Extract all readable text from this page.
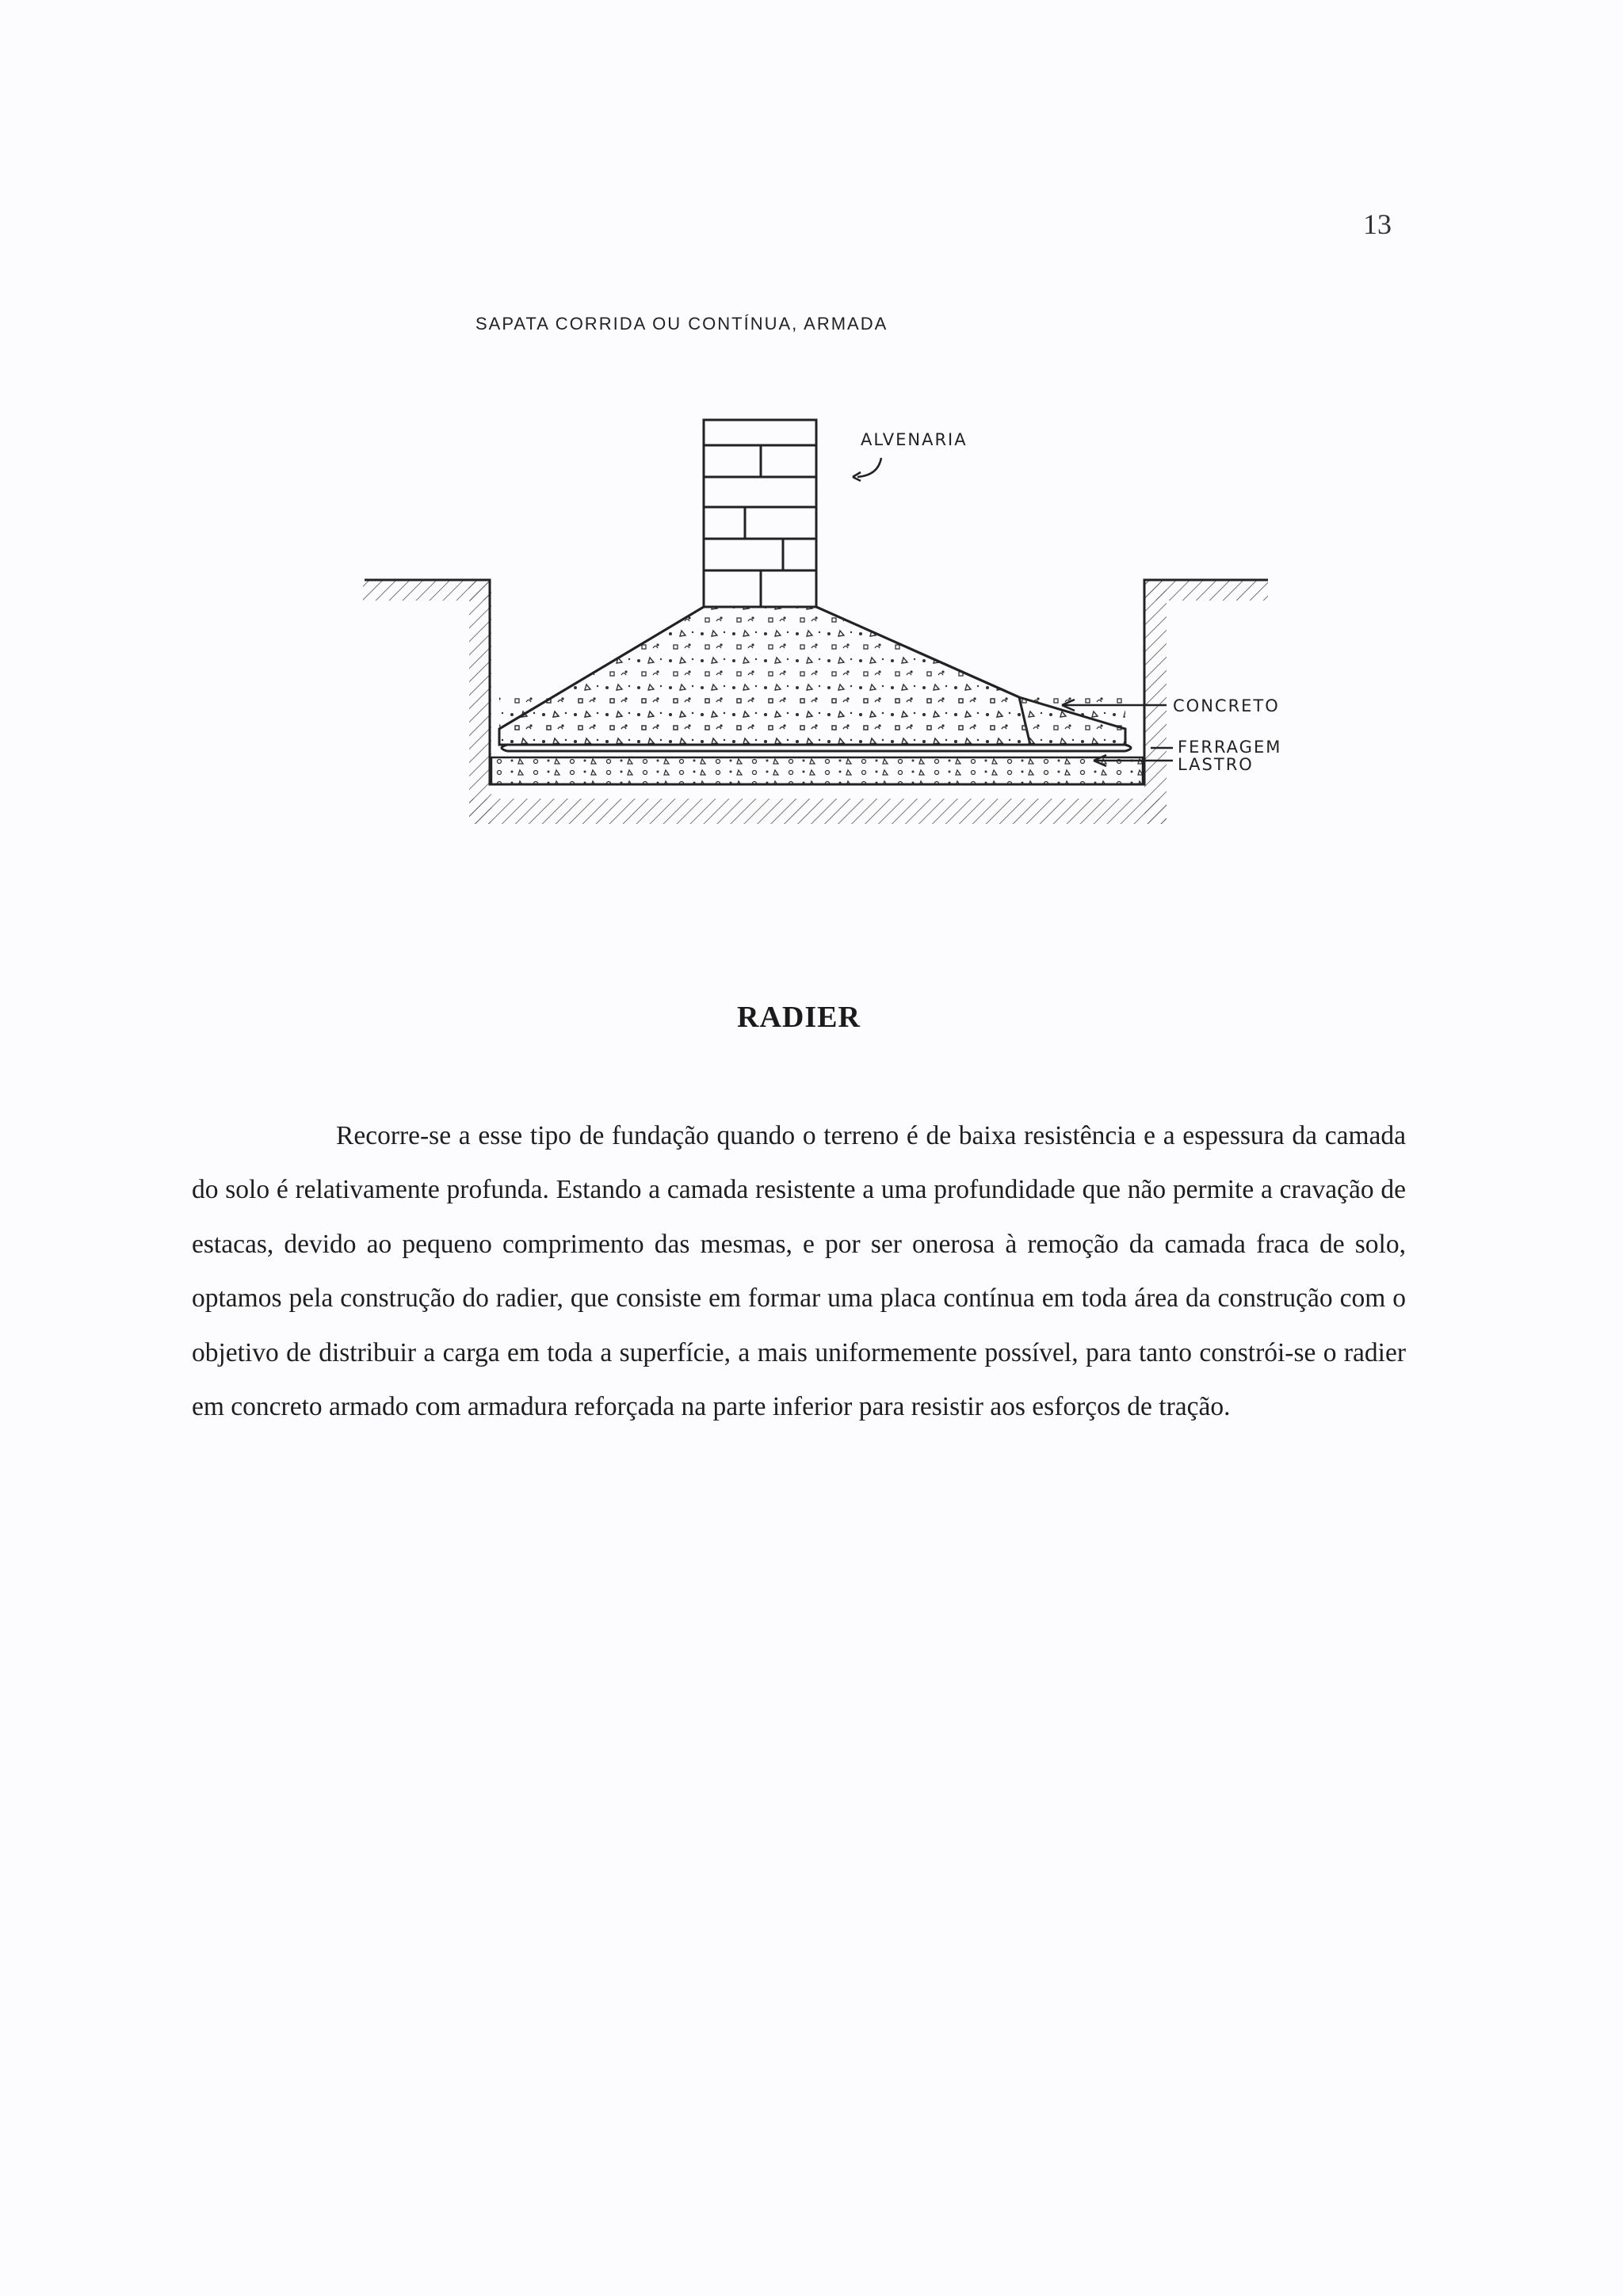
13
SAPATA CORRIDA OU CONTÍNUA, ARMADA
ALVENARIA
CONCRETO
FERRAGEM
LASTRO
RADIER

Recorre-se a esse tipo de fundação quando o terreno é de baixa resistência e a espessura da camada do solo é relativamente profunda. Estando a camada resistente a uma profundidade que não permite a cravação de estacas, devido ao pequeno comprimento das mesmas, e por ser onerosa à remoção da camada fraca de solo, optamos pela construção do radier, que consiste em formar uma placa contínua em toda área da construção com o objetivo de distribuir a carga em toda a superfície, a mais uniformemente possível, para tanto constrói-se o radier em concreto armado com armadura reforçada na parte inferior para resistir aos esforços de tração.
